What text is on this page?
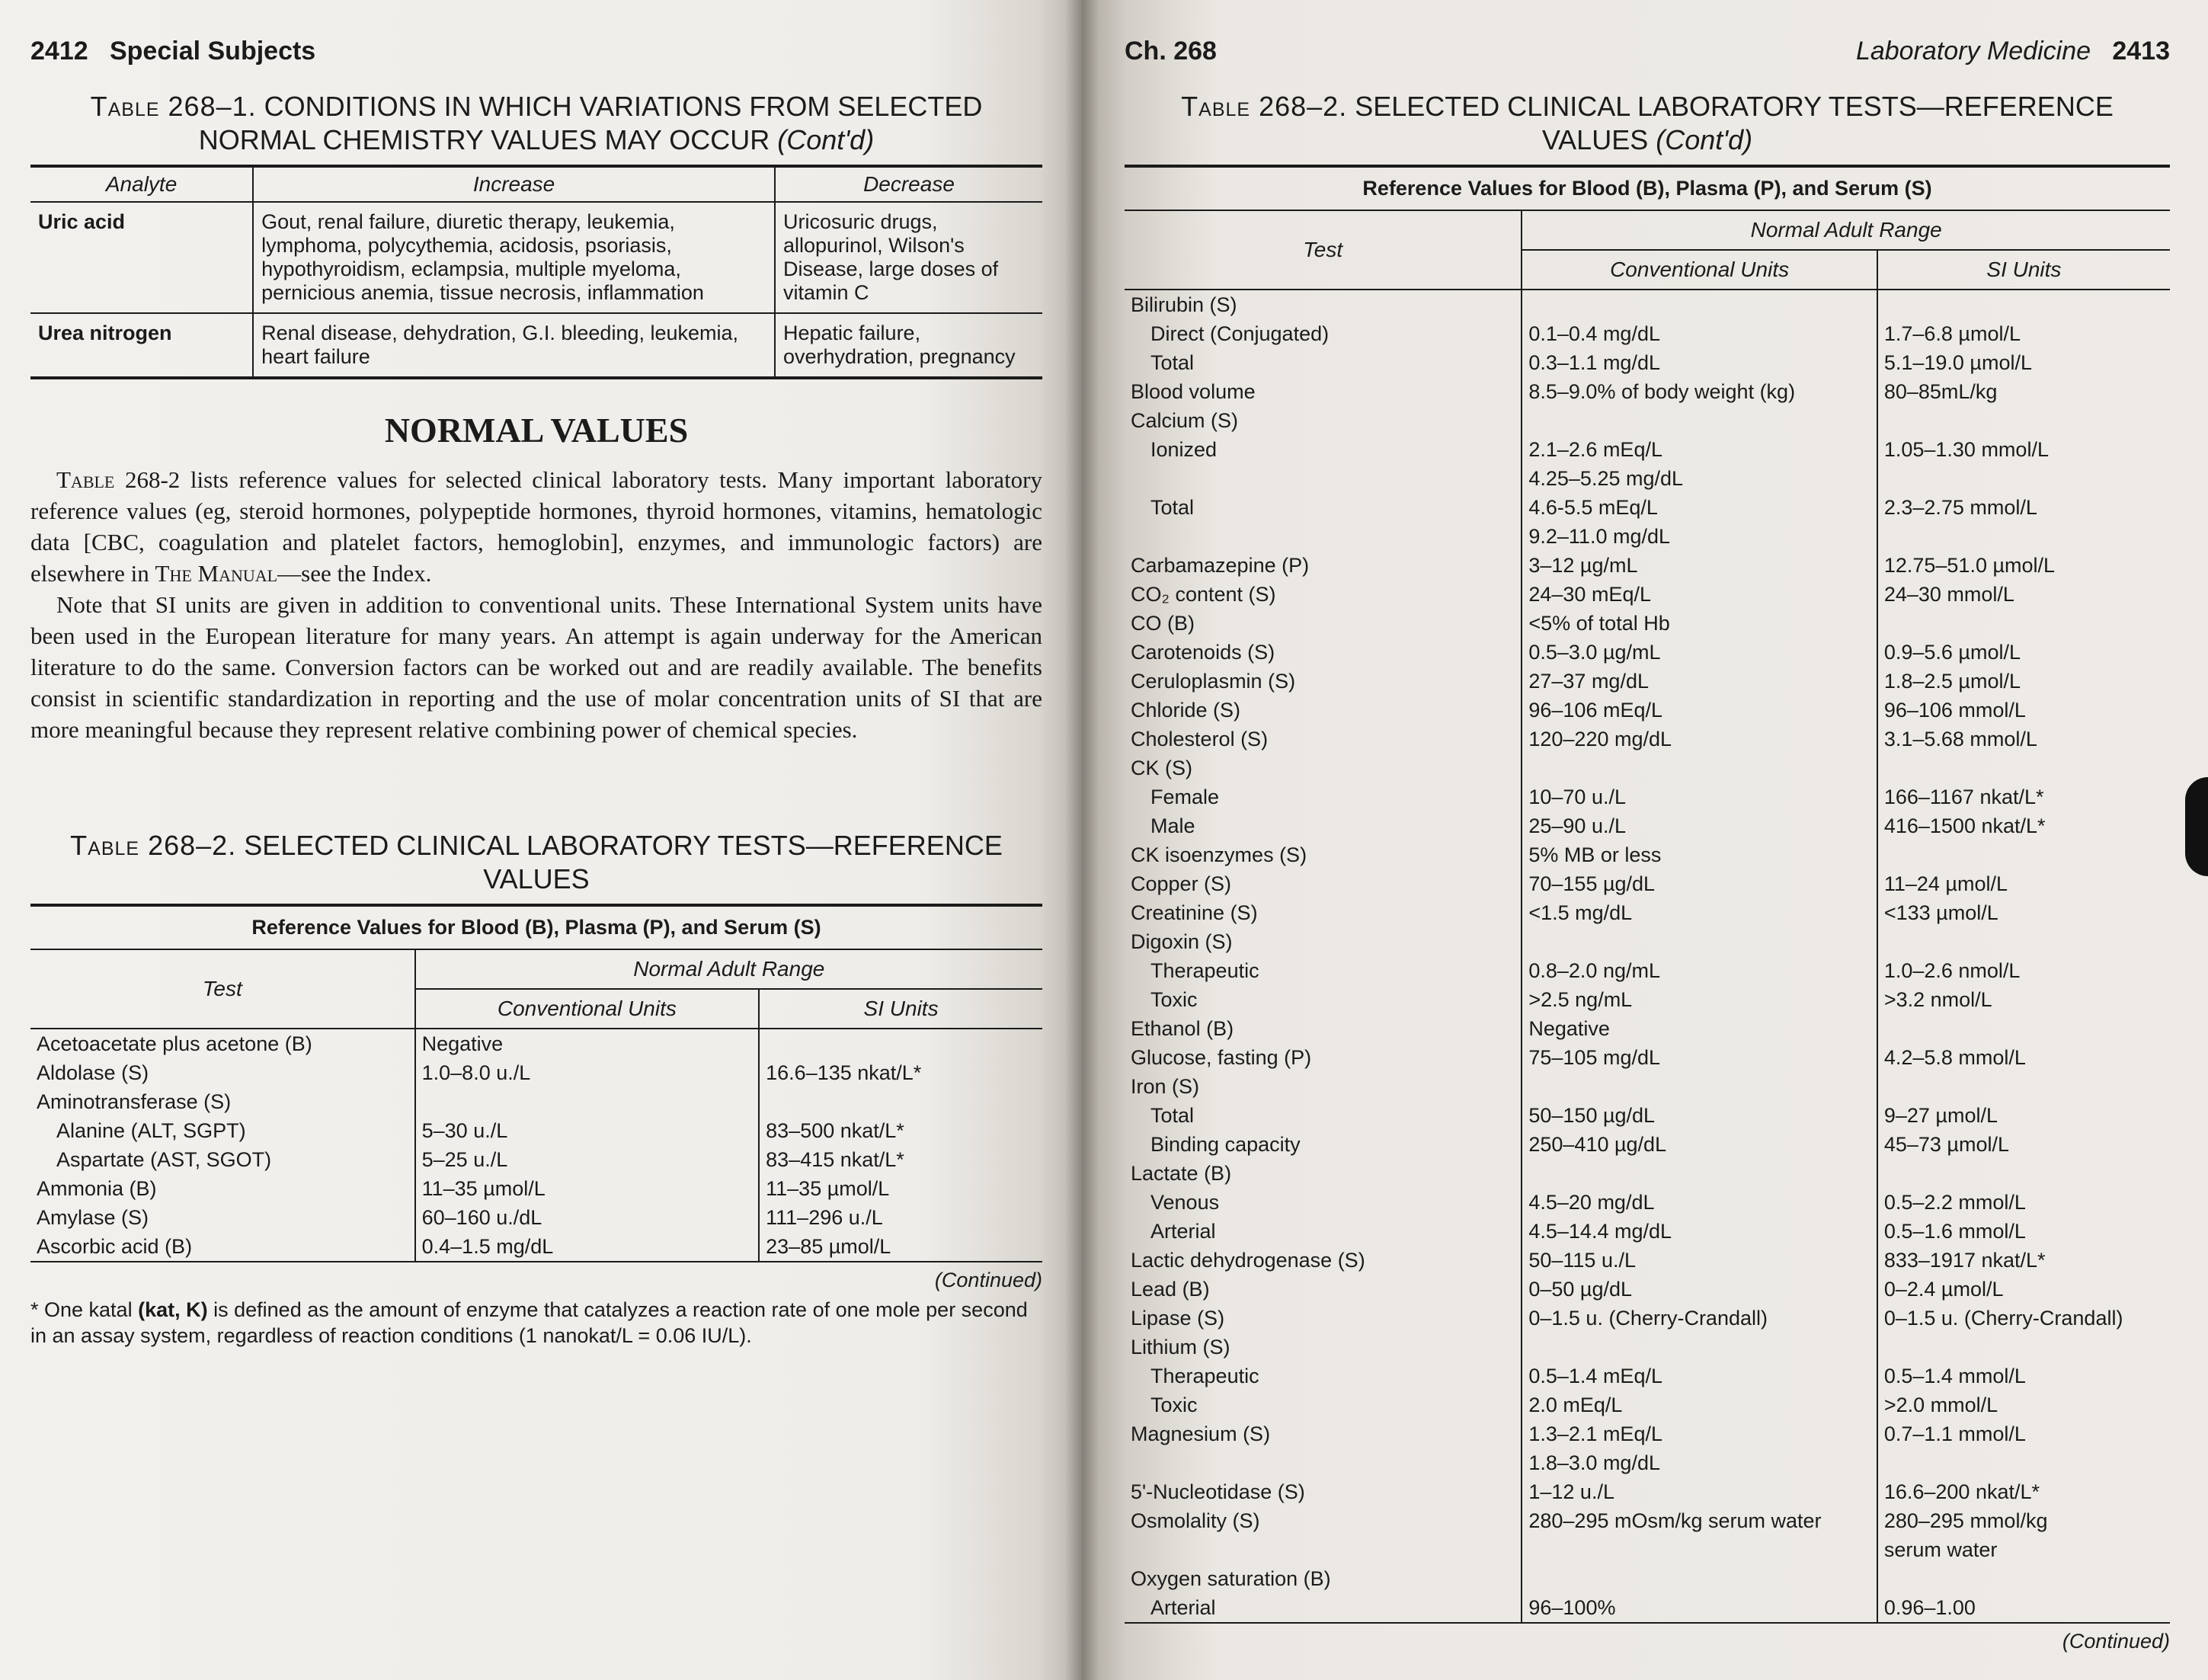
2412 Special Subjects
Table 268–1. CONDITIONS IN WHICH VARIATIONS FROM SELECTED NORMAL CHEMISTRY VALUES MAY OCCUR (Cont'd)
Analyte	Increase	Decrease
Uric acid	Gout, renal failure, diuretic therapy, leukemia, lymphoma, polycythemia, acidosis, psoriasis, hypothyroidism, eclampsia, multiple myeloma, pernicious anemia, tissue necrosis, inflammation	Uricosuric drugs, allopurinol, Wilson's Disease, large doses of vitamin C
Urea nitrogen	Renal disease, dehydration, G.I. bleeding, leukemia, heart failure	Hepatic failure, overhydration, pregnancy
NORMAL VALUES

Table 268-2 lists reference values for selected clinical laboratory tests. Many important laboratory reference values (eg, steroid hormones, polypeptide hormones, thyroid hormones, vitamins, hematologic data [CBC, coagulation and platelet factors, hemoglobin], enzymes, and immunologic factors) are elsewhere in The Manual—see the Index.

Note that SI units are given in addition to conventional units. These International System units have been used in the European literature for many years. An attempt is again underway for the American literature to do the same. Conversion factors can be worked out and are readily available. The benefits consist in scientific standardization in reporting and the use of molar concentration units of SI that are more meaningful because they represent relative combining power of chemical species.

Table 268–2. SELECTED CLINICAL LABORATORY TESTS—REFERENCE VALUES
Reference Values for Blood (B), Plasma (P), and Serum (S)
Test	Normal Adult Range	
	Conventional Units	SI Units
Acetoacetate plus acetone (B)	Negative	
Aldolase (S)	1.0–8.0 u./L	16.6–135 nkat/L*
Aminotransferase (S)		
Alanine (ALT, SGPT)	5–30 u./L	83–500 nkat/L*
Aspartate (AST, SGOT)	5–25 u./L	83–415 nkat/L*
Ammonia (B)	11–35 µmol/L	11–35 µmol/L
Amylase (S)	60–160 u./dL	111–296 u./L
Ascorbic acid (B)	0.4–1.5 mg/dL	23–85 µmol/L
(Continued)
* One katal (kat, K) is defined as the amount of enzyme that catalyzes a reaction rate of one mole per second in an assay system, regardless of reaction conditions (1 nanokat/L = 0.06 IU/L).
Ch. 268	Laboratory Medicine 2413
Table 268–2. SELECTED CLINICAL LABORATORY TESTS—REFERENCE VALUES (Cont'd)
Reference Values for Blood (B), Plasma (P), and Serum (S)
Test	Normal Adult Range	
	Conventional Units	SI Units
Bilirubin (S)		
Direct (Conjugated)	0.1–0.4 mg/dL	1.7–6.8 µmol/L
Total	0.3–1.1 mg/dL	5.1–19.0 µmol/L
Blood volume	8.5–9.0% of body weight (kg)	80–85mL/kg
Calcium (S)		
Ionized	2.1–2.6 mEq/L	1.05–1.30 mmol/L
	4.25–5.25 mg/dL	
Total	4.6-5.5 mEq/L	2.3–2.75 mmol/L
	9.2–11.0 mg/dL	
Carbamazepine (P)	3–12 µg/mL	12.75–51.0 µmol/L
CO₂ content (S)	24–30 mEq/L	24–30 mmol/L
CO (B)	<5% of total Hb	
Carotenoids (S)	0.5–3.0 µg/mL	0.9–5.6 µmol/L
Ceruloplasmin (S)	27–37 mg/dL	1.8–2.5 µmol/L
Chloride (S)	96–106 mEq/L	96–106 mmol/L
Cholesterol (S)	120–220 mg/dL	3.1–5.68 mmol/L
CK (S)		
Female	10–70 u./L	166–1167 nkat/L*
Male	25–90 u./L	416–1500 nkat/L*
CK isoenzymes (S)	5% MB or less	
Copper (S)	70–155 µg/dL	11–24 µmol/L
Creatinine (S)	<1.5 mg/dL	<133 µmol/L
Digoxin (S)		
Therapeutic	0.8–2.0 ng/mL	1.0–2.6 nmol/L
Toxic	>2.5 ng/mL	>3.2 nmol/L
Ethanol (B)	Negative	
Glucose, fasting (P)	75–105 mg/dL	4.2–5.8 mmol/L
Iron (S)		
Total	50–150 µg/dL	9–27 µmol/L
Binding capacity	250–410 µg/dL	45–73 µmol/L
Lactate (B)		
Venous	4.5–20 mg/dL	0.5–2.2 mmol/L
Arterial	4.5–14.4 mg/dL	0.5–1.6 mmol/L
Lactic dehydrogenase (S)	50–115 u./L	833–1917 nkat/L*
Lead (B)	0–50 µg/dL	0–2.4 µmol/L
Lipase (S)	0–1.5 u. (Cherry-Crandall)	0–1.5 u. (Cherry-Crandall)
Lithium (S)		
Therapeutic	0.5–1.4 mEq/L	0.5–1.4 mmol/L
Toxic	2.0 mEq/L	>2.0 mmol/L
Magnesium (S)	1.3–2.1 mEq/L	0.7–1.1 mmol/L
	1.8–3.0 mg/dL	
5'-Nucleotidase (S)	1–12 u./L	16.6–200 nkat/L*
Osmolality (S)	280–295 mOsm/kg serum water	280–295 mmol/kg
		serum water
Oxygen saturation (B)		
Arterial	96–100%	0.96–1.00
(Continued)
